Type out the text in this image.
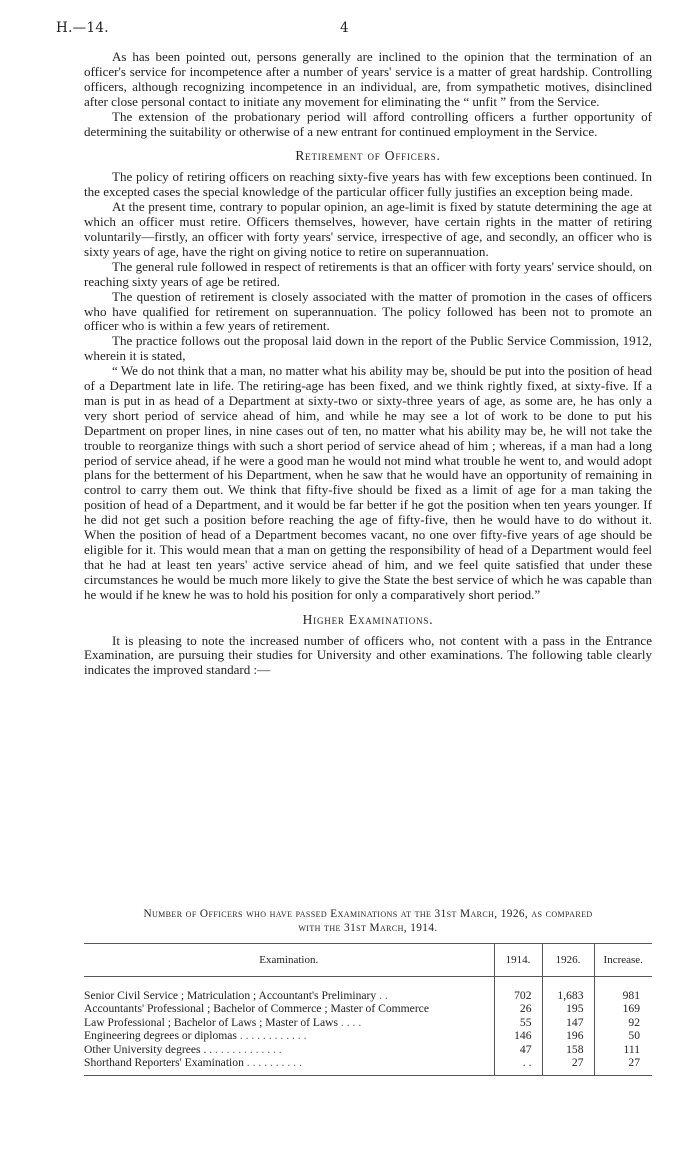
H.—14.	4

As has been pointed out, persons generally are inclined to the opinion that the termination of an officer's service for incompetence after a number of years' service is a matter of great hardship. Controlling officers, although recognizing incompetence in an individual, are, from sympathetic motives, disinclined after close personal contact to initiate any movement for eliminating the “ unfit ” from the Service.

The extension of the probationary period will afford controlling officers a further opportunity of determining the suitability or otherwise of a new entrant for continued employment in the Service.

Retirement of Officers.

The policy of retiring officers on reaching sixty-five years has with few exceptions been continued. In the excepted cases the special knowledge of the particular officer fully justifies an exception being made.

At the present time, contrary to popular opinion, an age-limit is fixed by statute determining the age at which an officer must retire. Officers themselves, however, have certain rights in the matter of retiring voluntarily—firstly, an officer with forty years' service, irrespective of age, and secondly, an officer who is sixty years of age, have the right on giving notice to retire on superannuation.

The general rule followed in respect of retirements is that an officer with forty years' service should, on reaching sixty years of age be retired.

The question of retirement is closely associated with the matter of promotion in the cases of officers who have qualified for retirement on superannuation. The policy followed has been not to promote an officer who is within a few years of retirement.

The practice follows out the proposal laid down in the report of the Public Service Commission, 1912, wherein it is stated,

“ We do not think that a man, no matter what his ability may be, should be put into the position of head of a Department late in life. The retiring-age has been fixed, and we think rightly fixed, at sixty-five. If a man is put in as head of a Department at sixty-two or sixty-three years of age, as some are, he has only a very short period of service ahead of him, and while he may see a lot of work to be done to put his Department on proper lines, in nine cases out of ten, no matter what his ability may be, he will not take the trouble to reorganize things with such a short period of service ahead of him ; whereas, if a man had a long period of service ahead, if he were a good man he would not mind what trouble he went to, and would adopt plans for the betterment of his Department, when he saw that he would have an opportunity of remaining in control to carry them out. We think that fifty-five should be fixed as a limit of age for a man taking the position of head of a Department, and it would be far better if he got the position when ten years younger. If he did not get such a position before reaching the age of fifty-five, then he would have to do without it. When the position of head of a Department becomes vacant, no one over fifty-five years of age should be eligible for it. This would mean that a man on getting the responsibility of head of a Department would feel that he had at least ten years' active service ahead of him, and we feel quite satisfied that under these circumstances he would be much more likely to give the State the best service of which he was capable than he would if he knew he was to hold his position for only a comparatively short period.”

Higher Examinations.

It is pleasing to note the increased number of officers who, not content with a pass in the Entrance Examination, are pursuing their studies for University and other examinations. The following table clearly indicates the improved standard :—

Number of Officers who have passed Examinations at the 31st March, 1926, as compared
with the 31st March, 1914.
Examination.	1914.	1926.	Increase.

Senior Civil Service ; Matriculation ; Accountant's Preliminary . .	702	1,683	981
Accountants' Professional ; Bachelor of Commerce ; Master of Commerce	26	195	169
Law Professional ; Bachelor of Laws ; Master of Laws . . . .	55	147	92
Engineering degrees or diplomas . . . . . . . . . . . .	146	196	50
Other University degrees . . . . . . . . . . . . . .	47	158	111
Shorthand Reporters' Examination . . . . . . . . . .	. .	27	27
